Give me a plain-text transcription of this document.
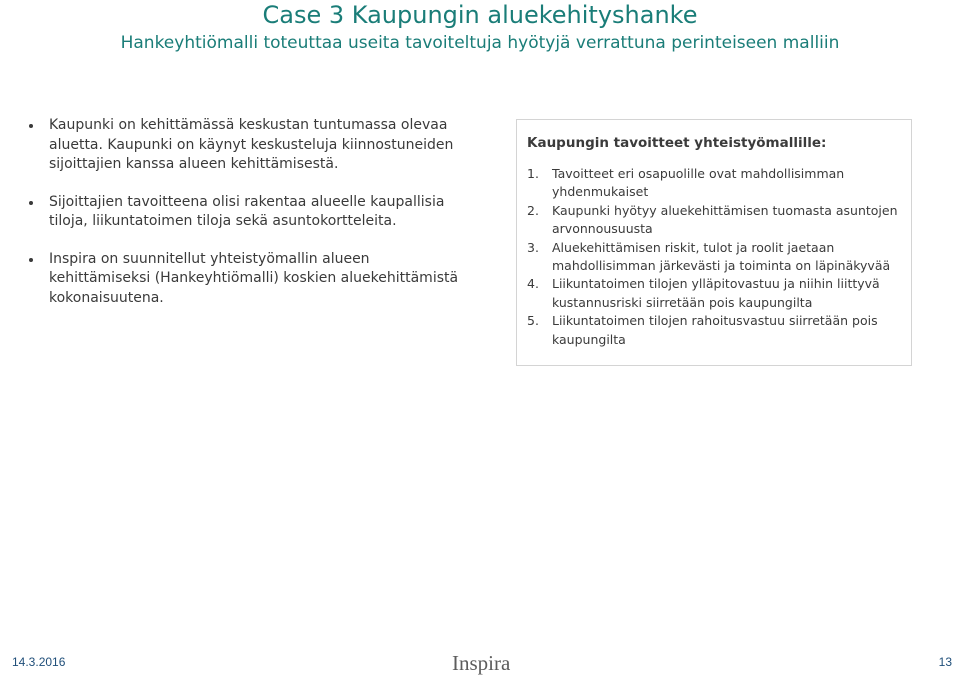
Case 3 Kaupungin aluekehityshanke
Hankeyhtiömalli toteuttaa useita tavoiteltuja hyötyjä verrattuna perinteiseen malliin
Kaupunki on kehittämässä keskustan tuntumassa olevaa aluetta. Kaupunki on käynyt keskusteluja kiinnostuneiden sijoittajien kanssa alueen kehittämisestä.
Sijoittajien tavoitteena olisi rakentaa alueelle kaupallisia tiloja, liikuntatoimen tiloja sekä asuntokortteleita.
Inspira on suunnitellut yhteistyömallin alueen kehittämiseksi (Hankeyhtiömalli) koskien aluekehittämistä kokonaisuutena.
Kaupungin tavoitteet yhteistyömallille:
1. Tavoitteet eri osapuolille ovat mahdollisimman yhdenmukaiset
2. Kaupunki hyötyy aluekehittämisen tuomasta asuntojen arvonnousuusta
3. Aluekehittämisen riskit, tulot ja roolit jaetaan mahdollisimman järkevästi ja toiminta on läpinäkyvää
4. Liikuntatoimen tilojen ylläpitovastuu ja niihin liittyvä kustannusriski siirretään pois kaupungilta
5. Liikuntatoimen tilojen rahoitusvastuu siirretään pois kaupungilta
14.3.2016	Inspira	13
